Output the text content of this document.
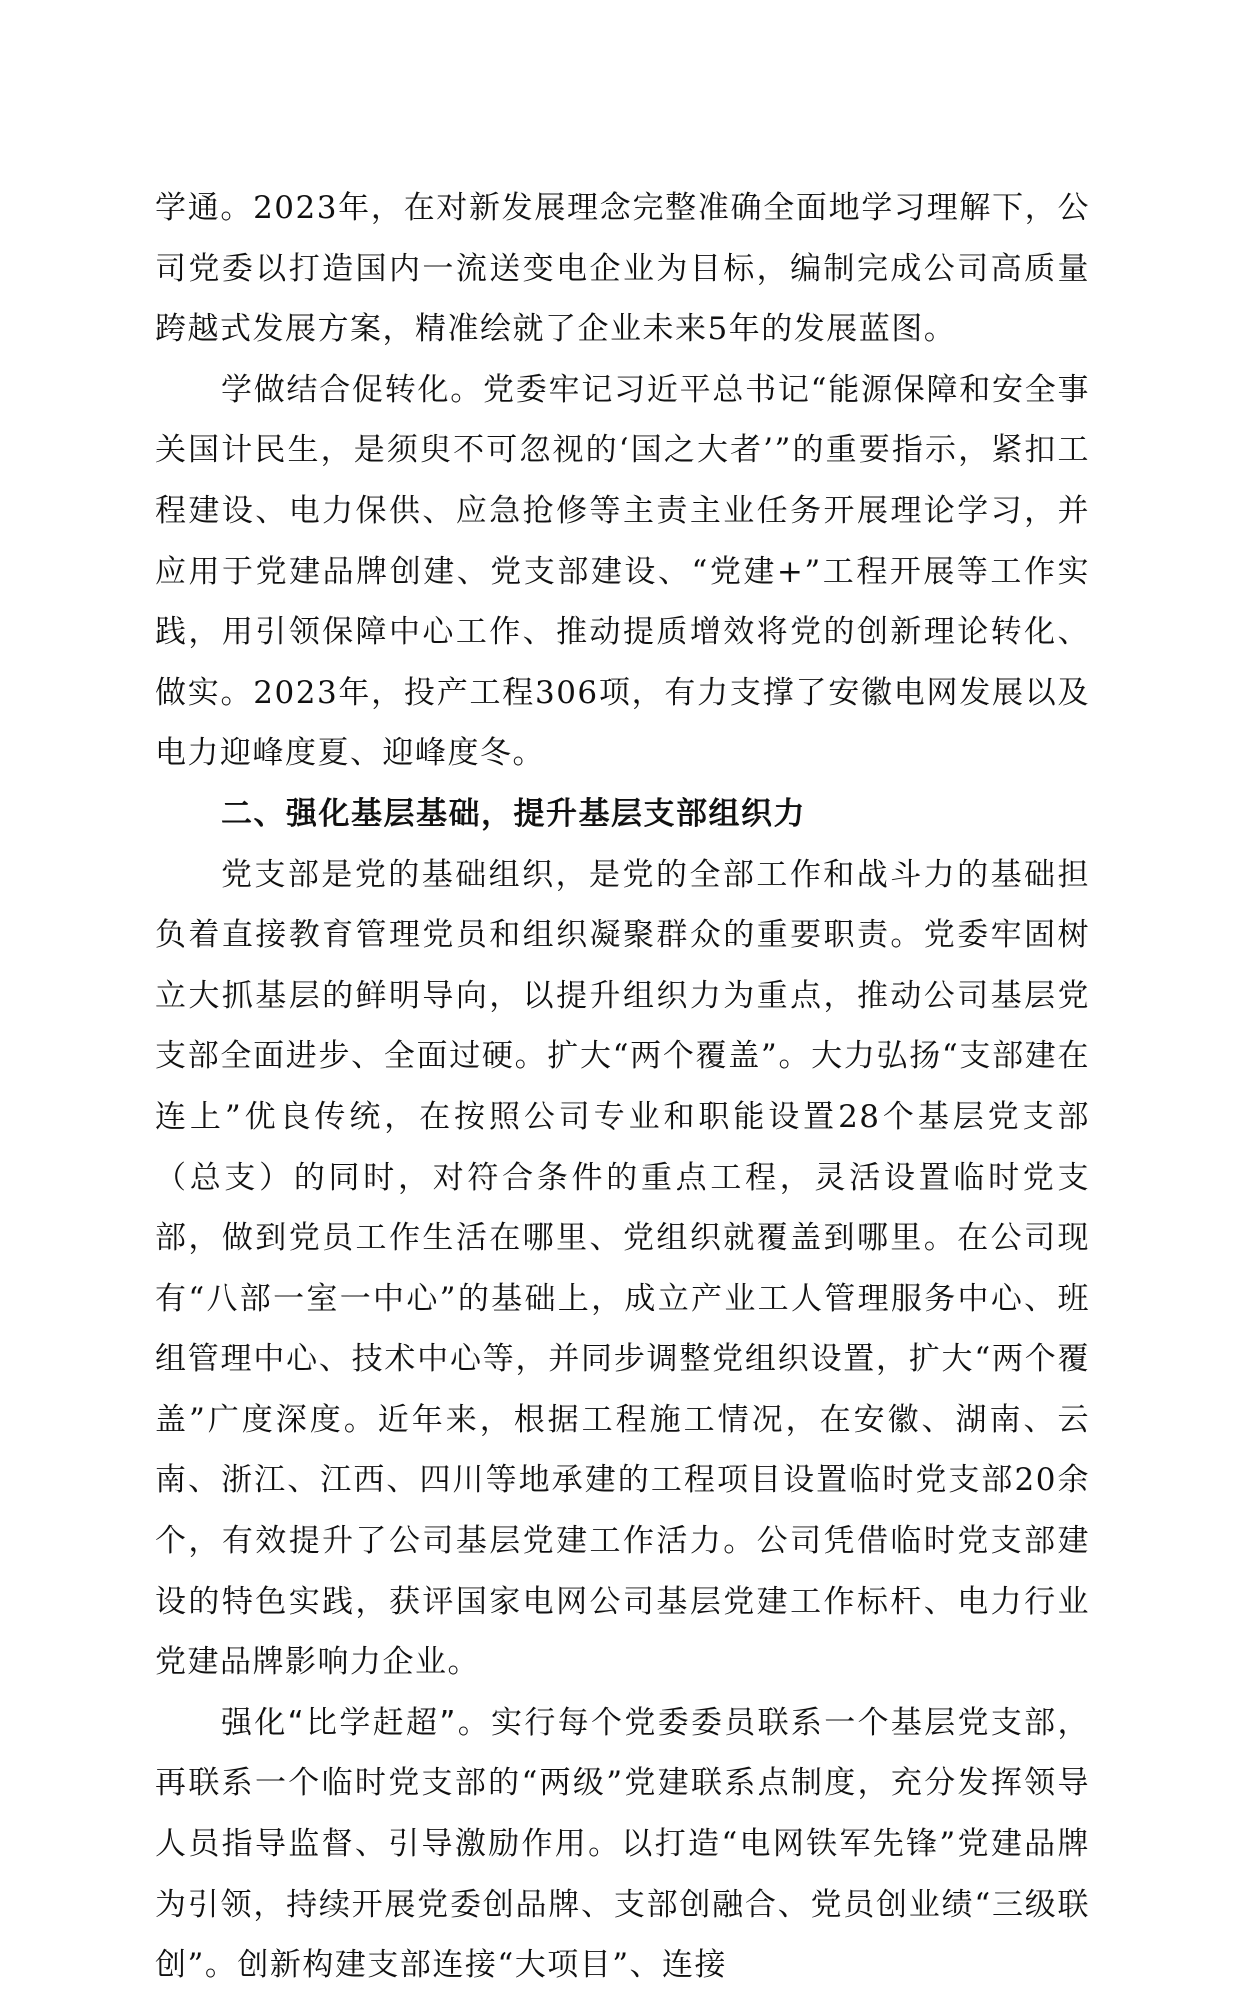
学通。2023年，在对新发展理念完整准确全面地学习理解下，公司党委以打造国内一流送变电企业为目标，编制完成公司高质量跨越式发展方案，精准绘就了企业未来5年的发展蓝图。

学做结合促转化。党委牢记习近平总书记“能源保障和安全事关国计民生，是须臾不可忽视的‘国之大者’”的重要指示，紧扣工程建设、电力保供、应急抢修等主责主业任务开展理论学习，并应用于党建品牌创建、党支部建设、“党建+”工程开展等工作实践，用引领保障中心工作、推动提质增效将党的创新理论转化、做实。2023年，投产工程306项，有力支撑了安徽电网发展以及电力迎峰度夏、迎峰度冬。

二、强化基层基础，提升基层支部组织力

党支部是党的基础组织，是党的全部工作和战斗力的基础担负着直接教育管理党员和组织凝聚群众的重要职责。党委牢固树立大抓基层的鲜明导向，以提升组织力为重点，推动公司基层党支部全面进步、全面过硬。扩大“两个覆盖”。大力弘扬“支部建在连上”优良传统，在按照公司专业和职能设置28个基层党支部（总支）的同时，对符合条件的重点工程，灵活设置临时党支部，做到党员工作生活在哪里、党组织就覆盖到哪里。在公司现有“八部一室一中心”的基础上，成立产业工人管理服务中心、班组管理中心、技术中心等，并同步调整党组织设置，扩大“两个覆盖”广度深度。近年来，根据工程施工情况，在安徽、湖南、云南、浙江、江西、四川等地承建的工程项目设置临时党支部20余个，有效提升了公司基层党建工作活力。公司凭借临时党支部建设的特色实践，获评国家电网公司基层党建工作标杆、电力行业党建品牌影响力企业。

强化“比学赶超”。实行每个党委委员联系一个基层党支部，再联系一个临时党支部的“两级”党建联系点制度，充分发挥领导人员指导监督、引导激励作用。以打造“电网铁军先锋”党建品牌为引领，持续开展党委创品牌、支部创融合、党员创业绩“三级联创”。创新构建支部连接“大项目”、连接
